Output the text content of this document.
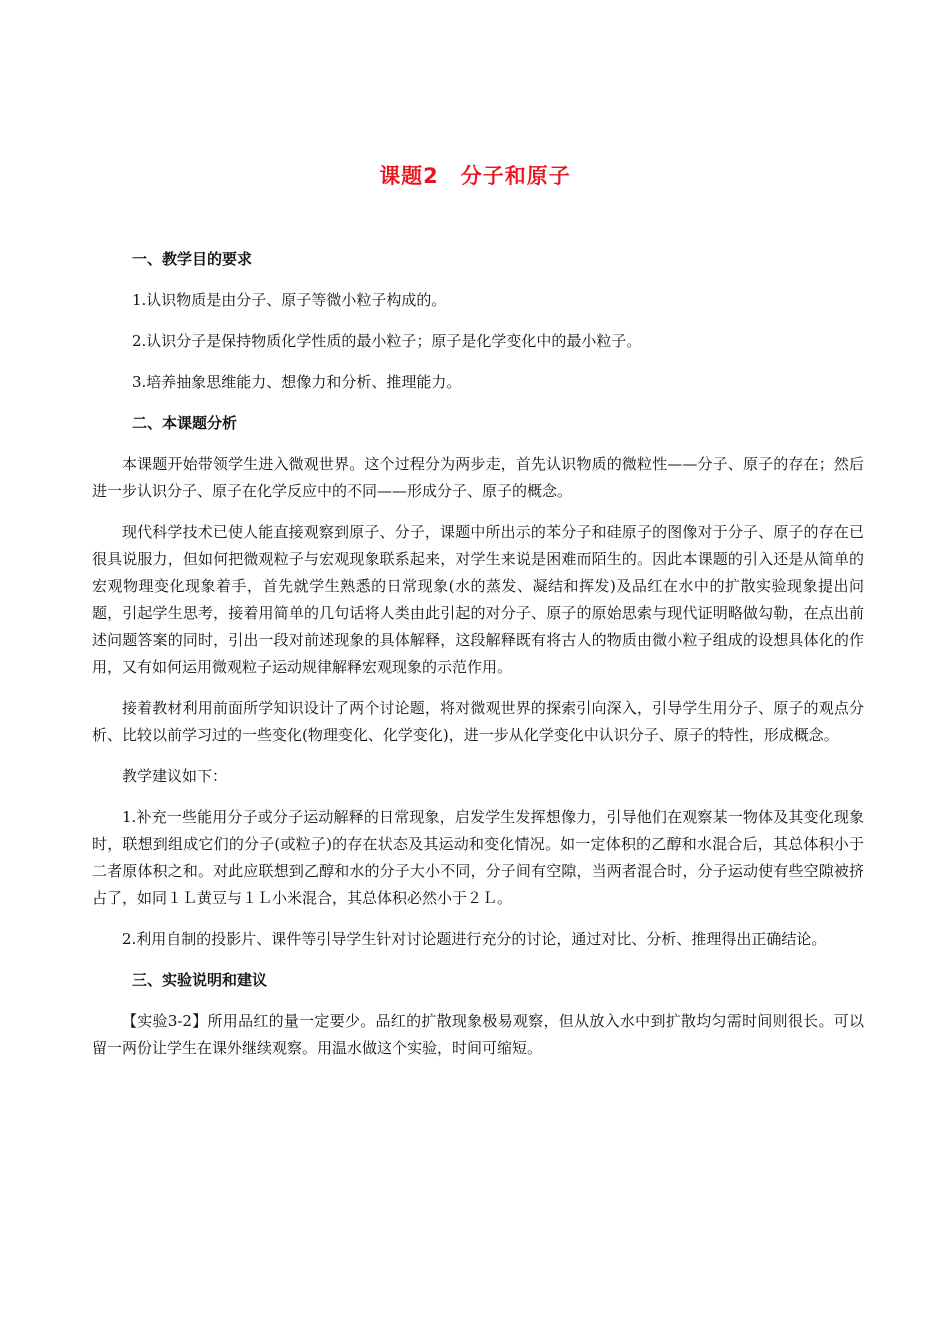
课题2　分子和原子
一、教学目的要求
1.认识物质是由分子、原子等微小粒子构成的。
2.认识分子是保持物质化学性质的最小粒子；原子是化学变化中的最小粒子。
3.培养抽象思维能力、想像力和分析、推理能力。
二、本课题分析
本课题开始带领学生进入微观世界。这个过程分为两步走，首先认识物质的微粒性——分子、原子的存在；然后进一步认识分子、原子在化学反应中的不同——形成分子、原子的概念。
现代科学技术已使人能直接观察到原子、分子，课题中所出示的苯分子和硅原子的图像对于分子、原子的存在已很具说服力，但如何把微观粒子与宏观现象联系起来，对学生来说是困难而陌生的。因此本课题的引入还是从简单的宏观物理变化现象着手，首先就学生熟悉的日常现象(水的蒸发、凝结和挥发)及品红在水中的扩散实验现象提出问题，引起学生思考，接着用简单的几句话将人类由此引起的对分子、原子的原始思索与现代证明略做勾勒，在点出前述问题答案的同时，引出一段对前述现象的具体解释，这段解释既有将古人的物质由微小粒子组成的设想具体化的作用，又有如何运用微观粒子运动规律解释宏观现象的示范作用。
接着教材利用前面所学知识设计了两个讨论题，将对微观世界的探索引向深入，引导学生用分子、原子的观点分析、比较以前学习过的一些变化(物理变化、化学变化)，进一步从化学变化中认识分子、原子的特性，形成概念。
教学建议如下：
1.补充一些能用分子或分子运动解释的日常现象，启发学生发挥想像力，引导他们在观察某一物体及其变化现象时，联想到组成它们的分子(或粒子)的存在状态及其运动和变化情况。如一定体积的乙醇和水混合后，其总体积小于二者原体积之和。对此应联想到乙醇和水的分子大小不同，分子间有空隙，当两者混合时，分子运动使有些空隙被挤占了，如同１Ｌ黄豆与１Ｌ小米混合，其总体积必然小于２Ｌ。
2.利用自制的投影片、课件等引导学生针对讨论题进行充分的讨论，通过对比、分析、推理得出正确结论。
三、实验说明和建议
【实验3-2】所用品红的量一定要少。品红的扩散现象极易观察，但从放入水中到扩散均匀需时间则很长。可以留一两份让学生在课外继续观察。用温水做这个实验，时间可缩短。
